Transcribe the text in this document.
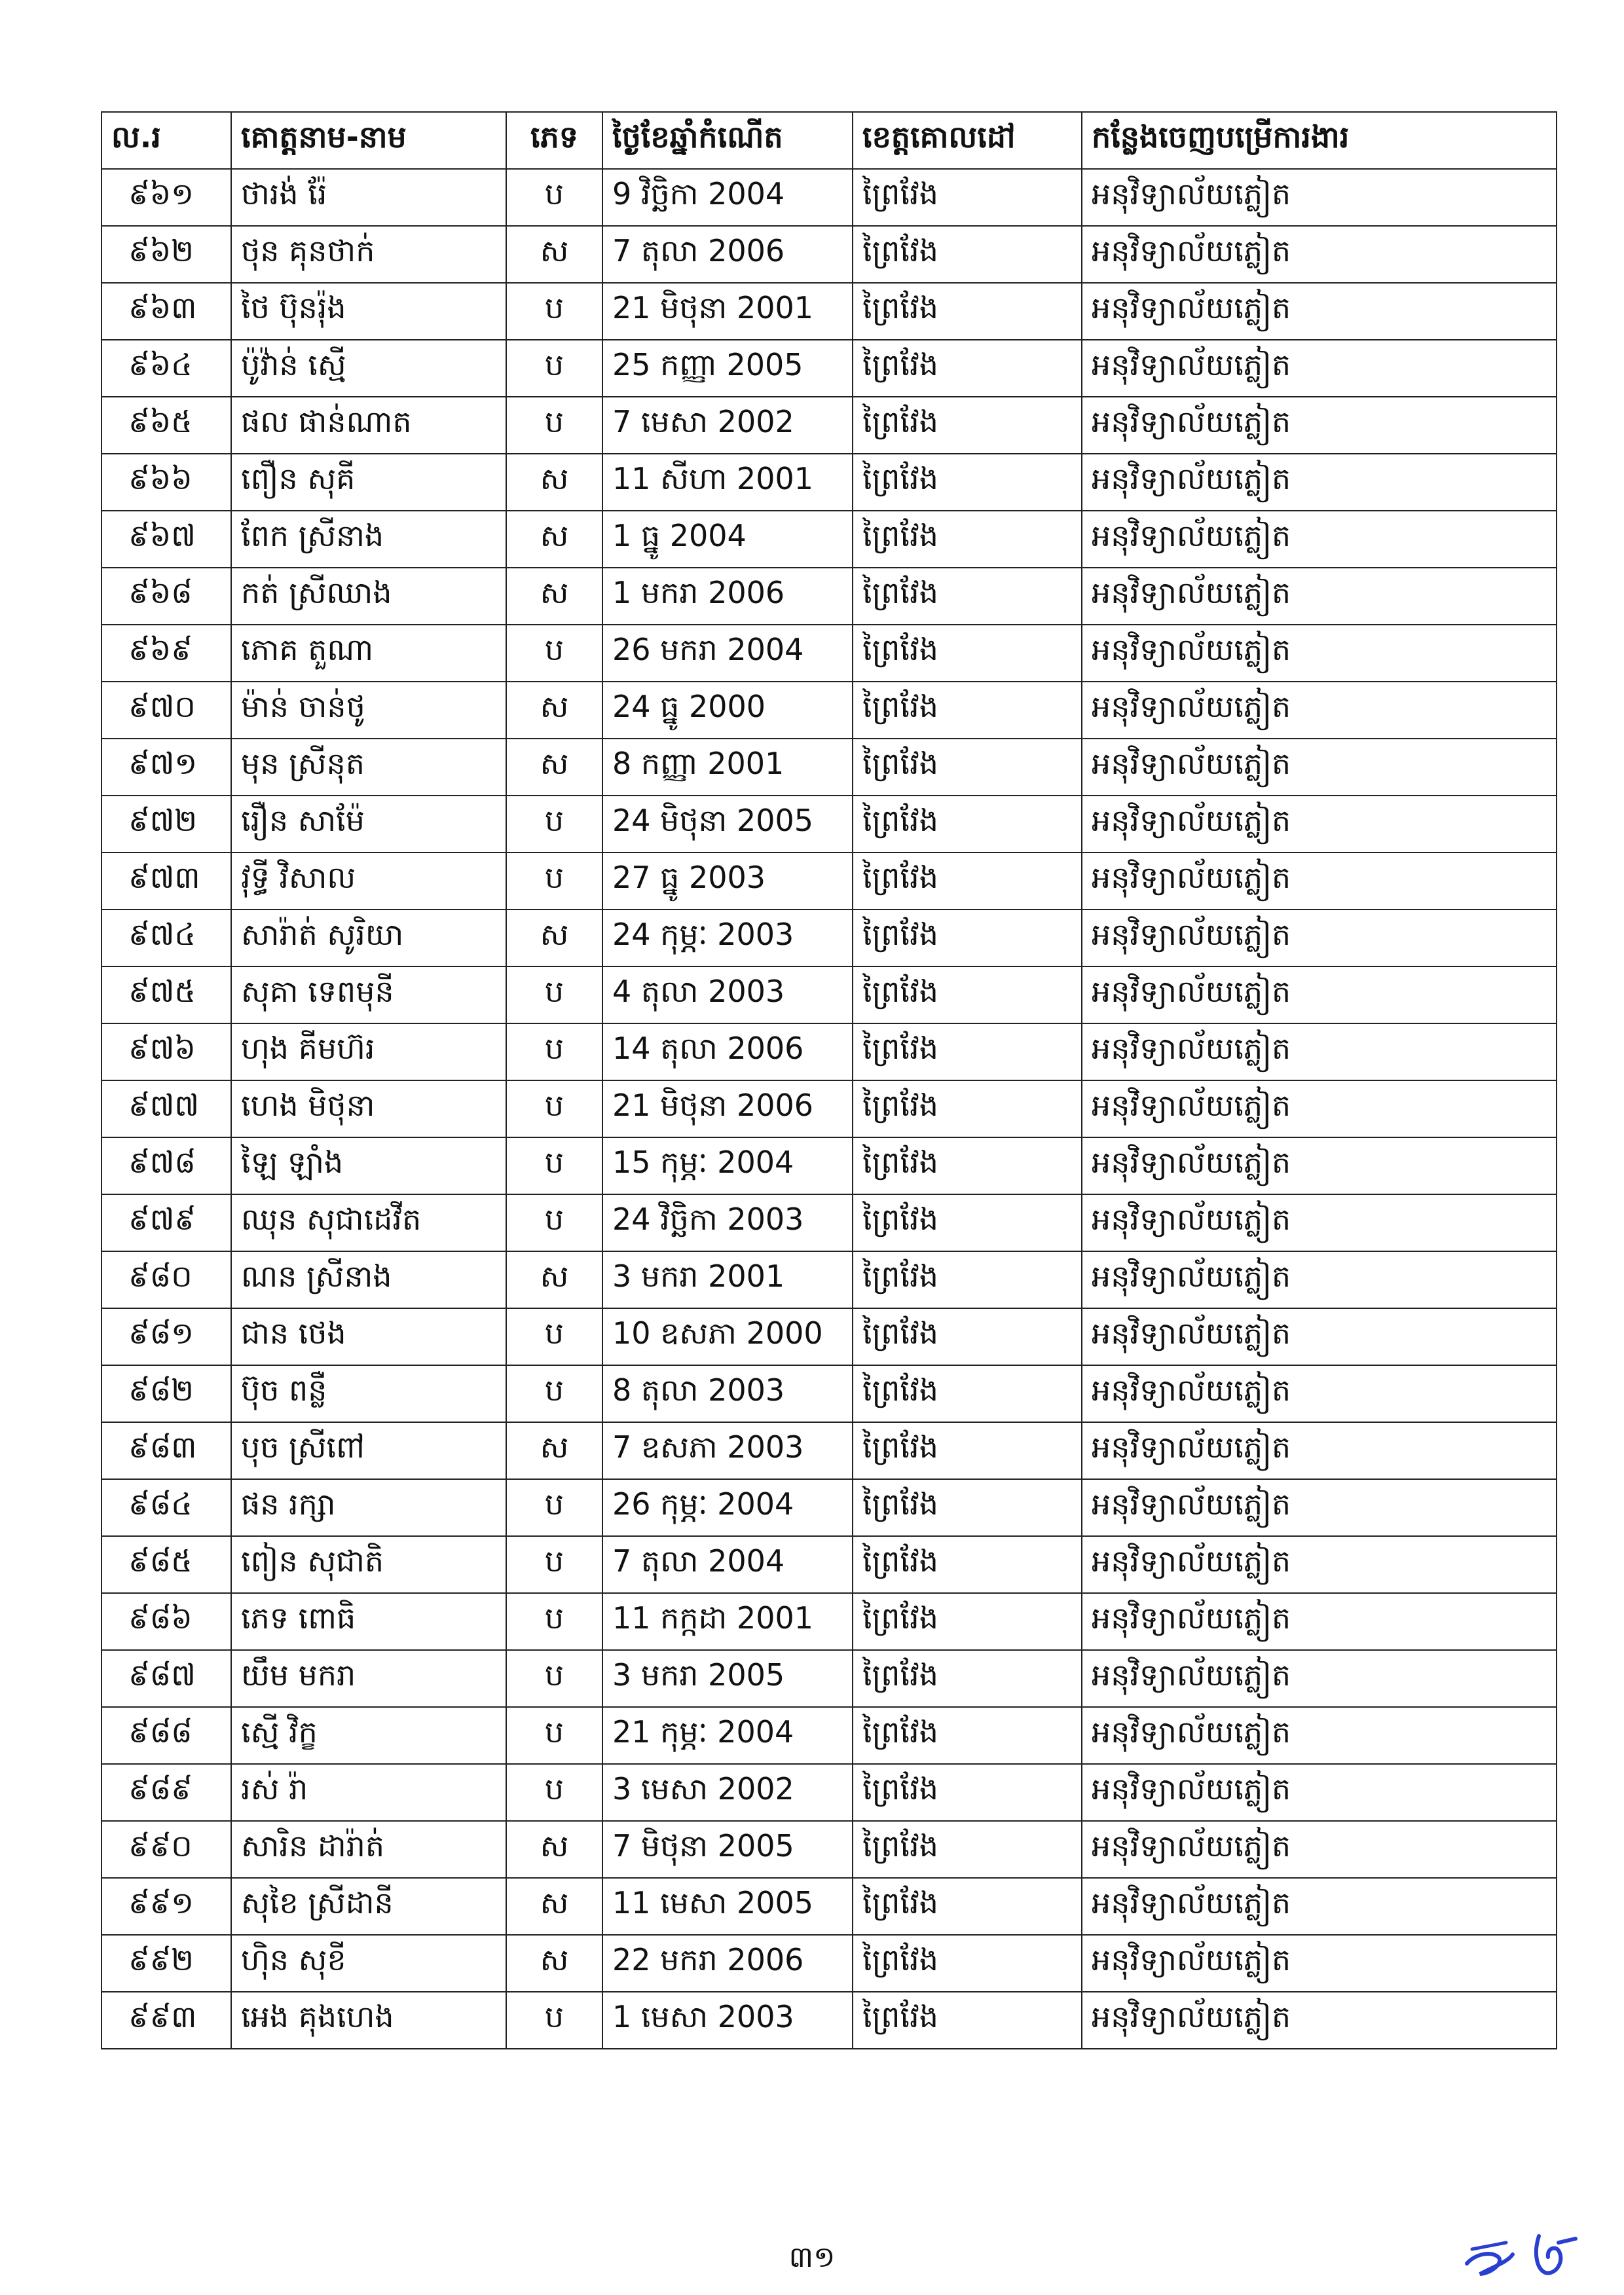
ល.រ	គោត្តនាម-នាម	ភេទ	ថ្ងៃខែឆ្នាំកំណើត	ខេត្តគោលដៅ	កន្លែងចេញបម្រើការងារ
៩៦១	ថារង់ រ៉ែ	ប	9 វិច្ឆិកា 2004	ព្រៃវែង	អនុវិទ្យាល័យភ្លៀត
៩៦២	ថុន គុនថាក់	ស	7 តុលា 2006	ព្រៃវែង	អនុវិទ្យាល័យភ្លៀត
៩៦៣	ថៃ ប៊ុនរ៉ុង	ប	21 មិថុនា 2001	ព្រៃវែង	អនុវិទ្យាល័យភ្លៀត
៩៦៤	ប៉ូវ៉ាន់ ស្មើ	ប	25 កញ្ញា 2005	ព្រៃវែង	អនុវិទ្យាល័យភ្លៀត
៩៦៥	ផល ផាន់ណាត	ប	7 មេសា 2002	ព្រៃវែង	អនុវិទ្យាល័យភ្លៀត
៩៦៦	ពឿន សុគី	ស	11 សីហា 2001	ព្រៃវែង	អនុវិទ្យាល័យភ្លៀត
៩៦៧	ពែក ស្រីនាង	ស	1 ធ្នូ 2004	ព្រៃវែង	អនុវិទ្យាល័យភ្លៀត
៩៦៨	កត់ ស្រីឈាង	ស	1 មករា 2006	ព្រៃវែង	អនុវិទ្យាល័យភ្លៀត
៩៦៩	ភោគ តួណា	ប	26 មករា 2004	ព្រៃវែង	អនុវិទ្យាល័យភ្លៀត
៩៧០	ម៉ាន់ ចាន់ថូ	ស	24 ធ្នូ 2000	ព្រៃវែង	អនុវិទ្យាល័យភ្លៀត
៩៧១	មុន ស្រីនុត	ស	8 កញ្ញា 2001	ព្រៃវែង	អនុវិទ្យាល័យភ្លៀត
៩៧២	រឿន សាម៉ែ	ប	24 មិថុនា 2005	ព្រៃវែង	អនុវិទ្យាល័យភ្លៀត
៩៧៣	វុទ្ធី វិសាល	ប	27 ធ្នូ 2003	ព្រៃវែង	អនុវិទ្យាល័យភ្លៀត
៩៧៤	សារ៉ាត់ សូរិយា	ស	24 កុម្ភៈ 2003	ព្រៃវែង	អនុវិទ្យាល័យភ្លៀត
៩៧៥	សុគា ទេពមុនី	ប	4 តុលា 2003	ព្រៃវែង	អនុវិទ្យាល័យភ្លៀត
៩៧៦	ហុង គីមហ៊រ	ប	14 តុលា 2006	ព្រៃវែង	អនុវិទ្យាល័យភ្លៀត
៩៧៧	ហេង មិថុនា	ប	21 មិថុនា 2006	ព្រៃវែង	អនុវិទ្យាល័យភ្លៀត
៩៧៨	ឡៃ ឡាំង	ប	15 កុម្ភៈ 2004	ព្រៃវែង	អនុវិទ្យាល័យភ្លៀត
៩៧៩	ឈុន សុជាដេវីត	ប	24 វិច្ឆិកា 2003	ព្រៃវែង	អនុវិទ្យាល័យភ្លៀត
៩៨០	ណន ស្រីនាង	ស	3 មករា 2001	ព្រៃវែង	អនុវិទ្យាល័យភ្លៀត
៩៨១	ជាន ថេង	ប	10 ឧសភា 2000	ព្រៃវែង	អនុវិទ្យាល័យភ្លៀត
៩៨២	ប៊ុច ពន្លឺ	ប	8 តុលា 2003	ព្រៃវែង	អនុវិទ្យាល័យភ្លៀត
៩៨៣	បុច ស្រីពៅ	ស	7 ឧសភា 2003	ព្រៃវែង	អនុវិទ្យាល័យភ្លៀត
៩៨៤	ផន រក្សា	ប	26 កុម្ភៈ 2004	ព្រៃវែង	អនុវិទ្យាល័យភ្លៀត
៩៨៥	ពៀន សុជាតិ	ប	7 តុលា 2004	ព្រៃវែង	អនុវិទ្យាល័យភ្លៀត
៩៨៦	ភេទ ពោធិ	ប	11 កក្កដា 2001	ព្រៃវែង	អនុវិទ្យាល័យភ្លៀត
៩៨៧	យឹម មករា	ប	3 មករា 2005	ព្រៃវែង	អនុវិទ្យាល័យភ្លៀត
៩៨៨	ស្មើ វិក្ខ	ប	21 កុម្ភៈ 2004	ព្រៃវែង	អនុវិទ្យាល័យភ្លៀត
៩៨៩	រស់ រ៉ា	ប	3 មេសា 2002	ព្រៃវែង	អនុវិទ្យាល័យភ្លៀត
៩៩០	សារិន ដារ៉ាត់	ស	7 មិថុនា 2005	ព្រៃវែង	អនុវិទ្យាល័យភ្លៀត
៩៩១	សុខៃ ស្រីដានី	ស	11 មេសា 2005	ព្រៃវែង	អនុវិទ្យាល័យភ្លៀត
៩៩២	ហ៊ិន សុខី	ស	22 មករា 2006	ព្រៃវែង	អនុវិទ្យាល័យភ្លៀត
៩៩៣	អេង គុងហេង	ប	1 មេសា 2003	ព្រៃវែង	អនុវិទ្យាល័យភ្លៀត
៣១
